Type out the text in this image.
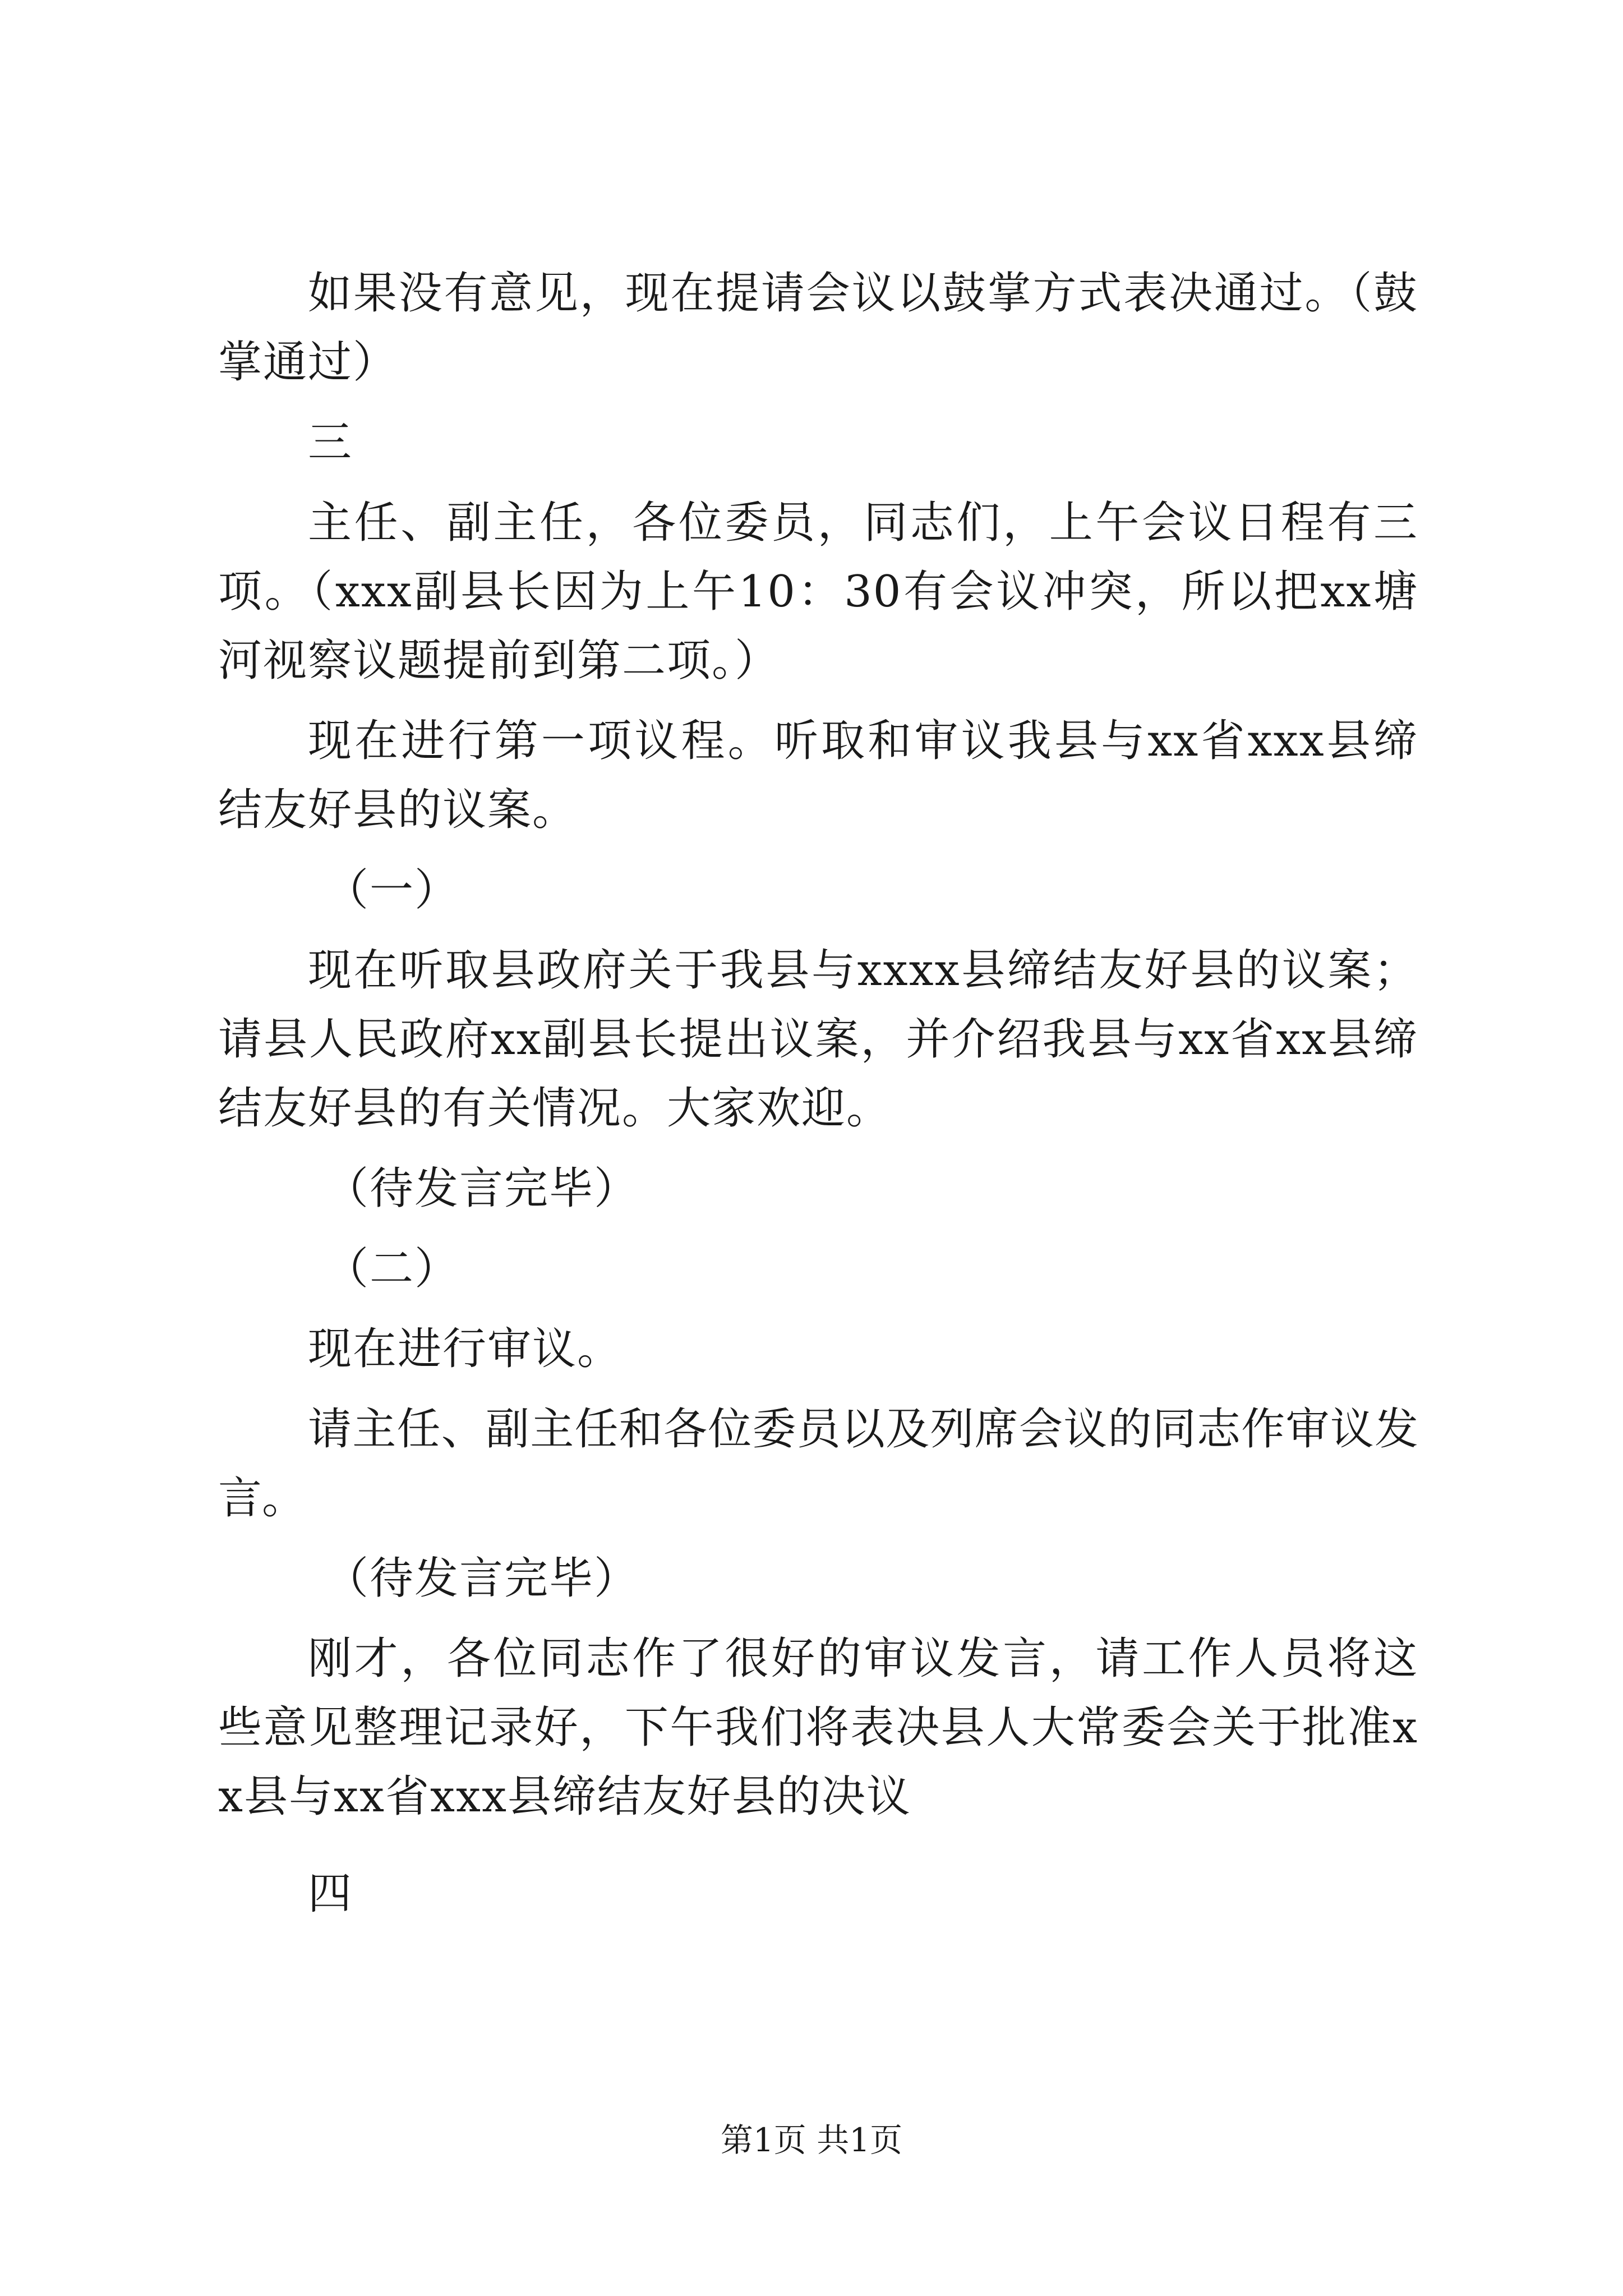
如果没有意见，现在提请会议以鼓掌方式表决通过。（鼓掌通过）

三

主任、副主任，各位委员，同志们，上午会议日程有三项。（xxx副县长因为上午10：30有会议冲突，所以把xx塘河视察议题提前到第二项。）

现在进行第一项议程。听取和审议我县与xx省xxx县缔结友好县的议案。

（一）

现在听取县政府关于我县与xxxx县缔结友好县的议案；请县人民政府xx副县长提出议案，并介绍我县与xx省xx县缔结友好县的有关情况。大家欢迎。

（待发言完毕）

（二）

现在进行审议。

请主任、副主任和各位委员以及列席会议的同志作审议发言。

（待发言完毕）

刚才，各位同志作了很好的审议发言，请工作人员将这些意见整理记录好，下午我们将表决县人大常委会关于批准xx县与xx省xxx县缔结友好县的决议

四

第1页 共1页
